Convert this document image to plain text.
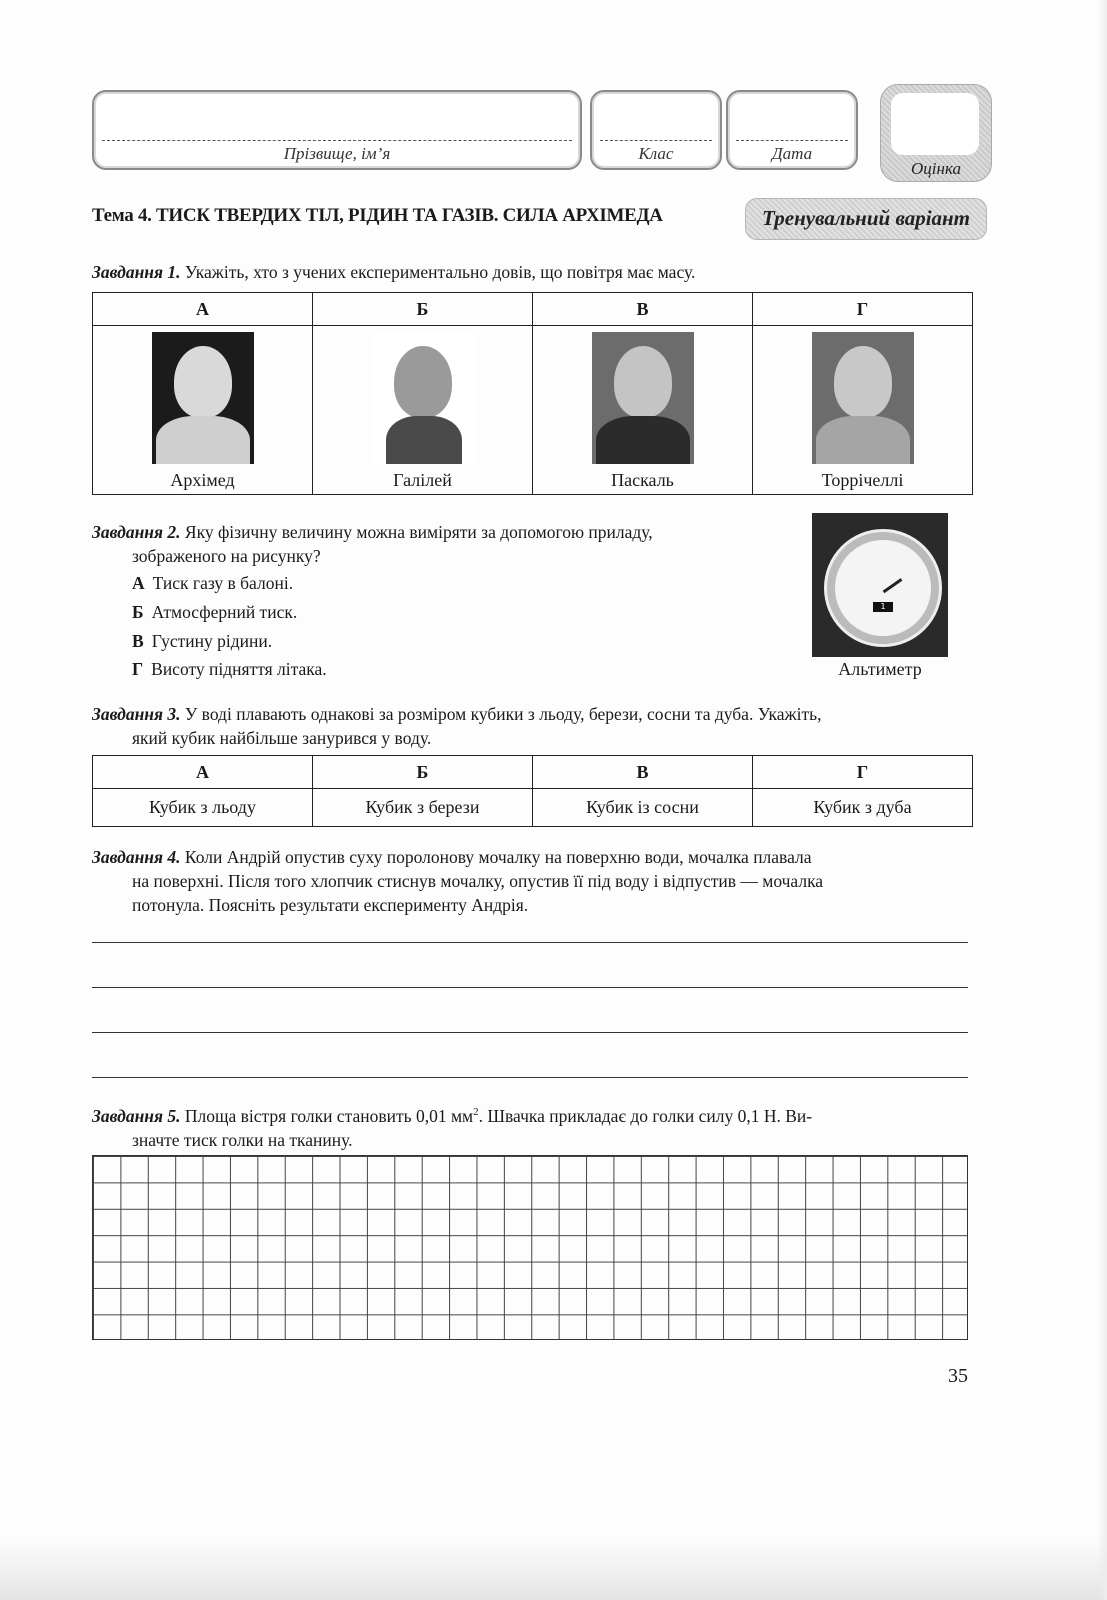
Прізвище, ім’я	Клас	Дата
Оцінка
Тема 4. ТИСК ТВЕРДИХ ТІЛ, РІДИН ТА ГАЗІВ. СИЛА АРХІМЕДА	Тренувальний варіант
Завдання 1. Укажіть, хто з учених експериментально довів, що повітря має масу.
А	Б	В	Г

Архімед	Галілей	Паскаль	Торрічеллі
Завдання 2. Яку фізичну величину можна виміряти за допомогою приладу,
зображеного на рисунку?
А Тиск газу в балоні.
Б Атмосферний тиск.
В Густину рідини.
Г Висоту підняття літака.
1
Альтиметр
Завдання 3. У воді плавають однакові за розміром кубики з льоду, берези, сосни та дуба. Укажіть,
який кубик найбільше занурився у воду.
А	Б	В	Г
Кубик з льоду	Кубик з берези	Кубик із сосни	Кубик з дуба
Завдання 4. Коли Андрій опустив суху поролонову мочалку на поверхню води, мочалка плавала
на поверхні. Після того хлопчик стиснув мочалку, опустив її під воду і відпустив — мочалка
потонула. Поясніть результати експерименту Андрія.
Завдання 5. Площа вістря голки становить 0,01 $мм^2$. Швачка прикладає до голки силу 0,1 Н. Ви-
значте тиск голки на тканину.
35
